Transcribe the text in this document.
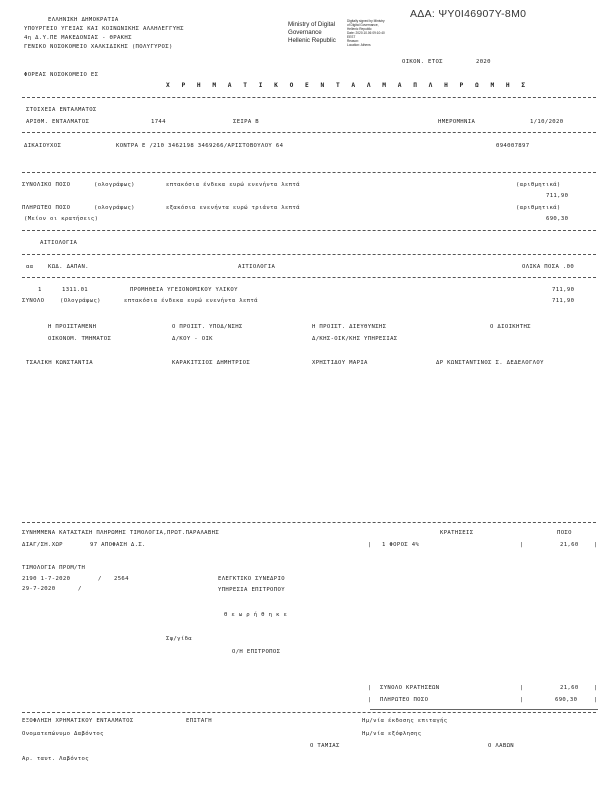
ΑΔΑ: ΨΥ0Ι46907Υ-8Μ0
ΕΛΛΗΝΙΚΗ ΔΗΜΟΚΡΑΤΙΑ
ΥΠΟΥΡΓΕΙΟ ΥΓΕΙΑΣ ΚΑΙ ΚΟΙΝΩΝΙΚΗΣ ΑΛΛΗΛΕΓΓΥΗΣ
4η Δ.Υ.ΠΕ ΜΑΚΕΔΟΝΙΑΣ - ΘΡΑΚΗΣ
ΓΕΝΙΚΟ ΝΟΣΟΚΟΜΕΙΟ ΧΑΛΚΙΔΙΚΗΣ (ΠΟΛΥΓΥΡΟΣ)
Ministry of Digital
Governance
Hellenic Republic
Digitally signed by Ministry
of Digital Governance,
Hellenic Republic
Date: 2020.10.06 09:10:40
EEST
Reason:
Location: Athens
ΟΙΚΟΝ. ΕΤΟΣ	2020
ΦΟΡΕΑΣ ΝΟΣΟΚΟΜΕΙΟ ΕΣ
Χ Ρ Η Μ Α Τ Ι Κ Ο Ε Ν Τ Α Λ Μ Α Π Λ Η Ρ Ω Μ Η Σ
ΣΤΟΙΧΕΙΑ ΕΝΤΑΛΜΑΤΟΣ
ΑΡΙΘΜ. ΕΝΤΑΛΜΑΤΟΣ	1744	ΣΕΙΡΑ Β	ΗΜΕΡΟΜΗΝΙΑ	1/10/2020
ΔΙΚΑΙΟΥΧΟΣ	ΚΟΝΤΡΑ Ε /210 3462198 3469266/ΑΡΙΣΤΟΒΟΥΛΟΥ 64	094007897
ΣΥΝΟΛΙΚΟ ΠΟΣΟ	(ολογράφως)	επτακόσια ένδεκα ευρώ ενενήντα λεπτά	(αριθμητικά)
711,90
ΠΛΗΡΩΤΕΟ ΠΟΣΟ	(ολογράφως)	εξακόσια ενενήντα ευρώ τριάντα λεπτά	(αριθμητικά)
(Μείον οι κρατήσεις)	690,30
ΑΙΤΙΟΛΟΓΙΑ
αα	ΚΩΔ. ΔΑΠΑΝ.	ΑΙΤΙΟΛΟΓΙΑ	ΟΛΙΚΑ ΠΟΣΑ .00
1	1311.01	ΠΡΟΜΗΘΕΙΑ ΥΓΕΙΟΝΟΜΙΚΟΥ ΥΛΙΚΟΥ	711,90
ΣΥΝΟΛΟ	(Ολογράφως)	επτακόσια ένδεκα ευρώ ενενήντα λεπτά	711,90
Η ΠΡΟΙΣΤΑΜΕΝΗ	Ο ΠΡΟΙΣΤ. ΥΠΟΔ/ΝΣΗΣ	Η ΠΡΟΙΣΤ. ΔΙΕΥΘΥΝΣΗΣ	Ο ΔΙΟΙΚΗΤΗΣ
ΟΙΚΟΝΟΜ. ΤΜΗΜΑΤΟΣ	Δ/ΚΟΥ - ΟΙΚ	Δ/ΚΗΣ-ΟΙΚ/ΚΗΣ ΥΠΗΡΕΣΙΑΣ
ΤΣΑΛΙΚΗ ΚΩΝΣΤΑΝΤΙΑ	ΚΑΡΑΚΙΤΣΙΟΣ ΔΗΜΗΤΡΙΟΣ	ΧΡΗΣΤΙΔΟΥ ΜΑΡΙΑ	ΔΡ ΚΩΝΣΤΑΝΤΙΝΟΣ Σ. ΔΕΔΕΛΟΓΛΟΥ
ΣΥΝΗΜΜΕΝΑ ΚΑΤΑΣΤΑΣΗ ΠΛΗΡΩΜΗΣ ΤΙΜΟΛΟΓΙΑ,ΠΡΩΤ.ΠΑΡΑΛΑΒΗΣ	ΚΡΑΤΗΣΕΙΣ	ΠΟΣΟ
ΔΙΑΓ/ΣΗ.ΧΩΡ	97 ΑΠΟΦΑΣΗ Δ.Σ.	| 1 ΦΟΡΟΣ 4%	|	21,60	|
ΤΙΜΟΛΟΓΙΑ ΠΡΟΜ/ΤΗ
2190 1-7-2020	/ 2564
29-7-2020	/
ΕΛΕΓΚΤΙΚΟ ΣΥΝΕΔΡΙΟ
ΥΠΗΡΕΣΙΑ ΕΠΙΤΡΟΠΟΥ
Θ ε ω ρ ή θ η κ ε
Σφ/γίδα
Ο/Η ΕΠΙΤΡΟΠΟΣ
| ΣΥΝΟΛΟ ΚΡΑΤΗΣΕΩΝ	|	21,60	|
| ΠΛΗΡΩΤΕΟ ΠΟΣΟ	|	690,30	|
ΕΞΟΦΛΗΣΗ ΧΡΗΜΑΤΙΚΟΥ ΕΝΤΑΛΜΑΤΟΣ	ΕΠΙΤΑΓΗ	Ημ/νία έκδοσης επιταγής
Ονοματεπώνυμο Δαβόντος	Ημ/νία εξόφλησης
Ο ΤΑΜΙΑΣ	Ο ΛΑΒΩΝ
Αρ. ταυτ. Λαβόντος
